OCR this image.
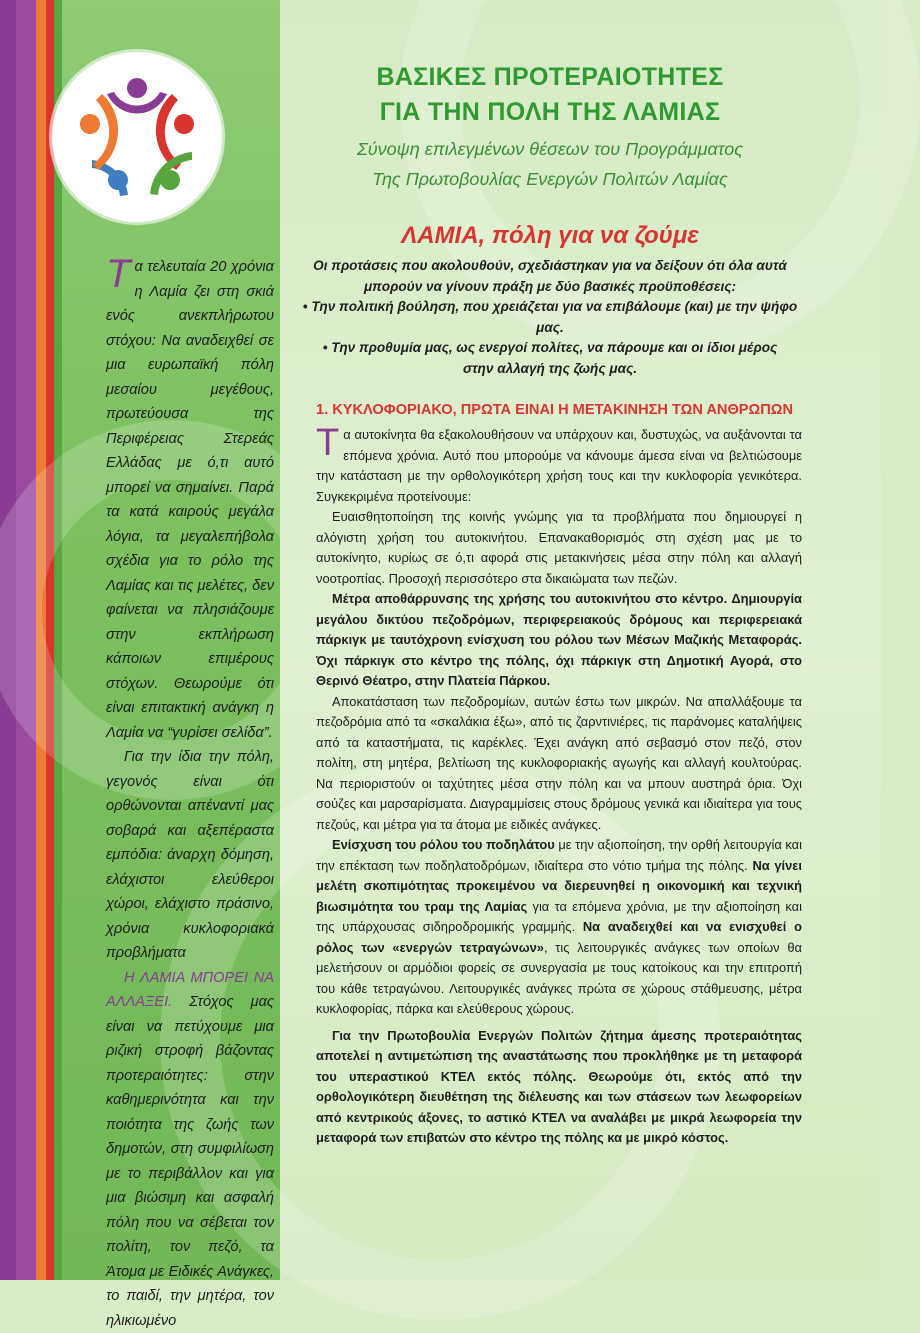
Τα τελευταία 20 χρόνια η Λαμία ζει στη σκιά ενός ανεκπλήρωτου στόχου: Να αναδειχθεί σε μια ευρωπαϊκή πόλη μεσαίου μεγέθους, πρωτεύουσα της Περιφέρειας Στερεάς Ελλάδας με ό,τι αυτό μπορεί να σημαίνει. Παρά τα κατά καιρούς μεγάλα λόγια, τα μεγαλεπήβολα σχέδια για το ρόλο της Λαμίας και τις μελέτες, δεν φαίνεται να πλησιάζουμε στην εκπλήρωση κάποιων επιμέρους στόχων. Θεωρούμε ότι είναι επιτακτική ανάγκη η Λαμία να “γυρίσει σελίδα”.

Για την ίδια την πόλη, γεγονός είναι ότι ορθώνονται απέναντί μας σοβαρά και αξεπέραστα εμπόδια: άναρχη δόμηση, ελάχιστοι ελεύθεροι χώροι, ελάχιστο πράσινο, χρόνια κυκλοφοριακά προβλήματα

Η ΛΑΜΙΑ ΜΠΟΡΕΙ ΝΑ ΑΛΛΑΞΕΙ. Στόχος μας είναι να πετύχουμε μια ριζική στροφή βάζοντας προτεραιότητες: στην καθημερινότητα και την ποιότητα της ζωής των δημοτών, στη συμφιλίωση με το περιβάλλον και για μια βιώσιμη και ασφαλή πόλη που να σέβεται τον πολίτη, τον πεζό, τα Άτομα με Ειδικές Ανάγκες, το παιδί, την μητέρα, τον ηλικιωμένο

ΒΑΣΙΚΕΣ ΠΡΟΤΕΡΑΙΟΤΗΤΕΣ
ΓΙΑ ΤΗΝ ΠΟΛΗ ΤΗΣ ΛΑΜΙΑΣ
Σύνοψη επιλεγμένων θέσεων του Προγράμματος
Της Πρωτοβουλίας Ενεργών Πολιτών Λαμίας
ΛΑΜΙΑ, πόλη για να ζούμε
Οι προτάσεις που ακολουθούν, σχεδιάστηκαν για να δείξουν ότι όλα αυτά
μπορούν να γίνουν πράξη με δύο βασικές προϋποθέσεις:
• Την πολιτική βούληση, που χρειάζεται για να επιβάλουμε (και) με την ψήφο μας.
• Την προθυμία μας, ως ενεργοί πολίτες, να πάρουμε και οι ίδιοι μέρος
στην αλλαγή της ζωής μας.
1. ΚΥΚΛΟΦΟΡΙΑΚΟ, ΠΡΩΤΑ ΕΙΝΑΙ Η ΜΕΤΑΚΙΝΗΣΗ ΤΩΝ ΑΝΘΡΩΠΩΝ

Τα αυτοκίνητα θα εξακολουθήσουν να υπάρχουν και, δυστυχώς, να αυξάνονται τα επόμενα χρόνια. Αυτό που μπορούμε να κάνουμε άμεσα είναι να βελτιώσουμε την κατάσταση με την ορθολογικότερη χρήση τους και την κυκλοφορία γενικότερα. Συγκεκριμένα προτείνουμε:

Ευαισθητοποίηση της κοινής γνώμης για τα προβλήματα που δημιουργεί η αλόγιστη χρήση του αυτοκινήτου. Επανακαθορισμός στη σχέση μας με το αυτοκίνητο, κυρίως σε ό,τι αφορά στις μετακινήσεις μέσα στην πόλη και αλλαγή νοοτροπίας. Προσοχή περισσότερο στα δικαιώματα των πεζών.

Μέτρα αποθάρρυνσης της χρήσης του αυτοκινήτου στο κέντρο. Δημιουργία μεγάλου δικτύου πεζοδρόμων, περιφερειακούς δρόμους και περιφερειακά πάρκιγκ με ταυτόχρονη ενίσχυση του ρόλου των Μέσων Μαζικής Μεταφοράς. Όχι πάρκιγκ στο κέντρο της πόλης, όχι πάρκιγκ στη Δημοτική Αγορά, στο Θερινό Θέατρο, στην Πλατεία Πάρκου.

Αποκατάσταση των πεζοδρομίων, αυτών έστω των μικρών. Να απαλλάξουμε τα πεζοδρόμια από τα «σκαλάκια έξω», από τις ζαρντινιέρες, τις παράνομες καταλήψεις από τα καταστήματα, τις καρέκλες. Έχει ανάγκη από σεβασμό στον πεζό, στον πολίτη, στη μητέρα, βελτίωση της κυκλοφοριακής αγωγής και αλλαγή κουλτούρας. Να περιοριστούν οι ταχύτητες μέσα στην πόλη και να μπουν αυστηρά όρια. Όχι σούζες και μαρσαρίσματα. Διαγραμμίσεις στους δρόμους γενικά και ιδιαίτερα για τους πεζούς, και μέτρα για τα άτομα με ειδικές ανάγκες.

Ενίσχυση του ρόλου του ποδηλάτου με την αξιοποίηση, την ορθή λειτουργία και την επέκταση των ποδηλατοδρόμων, ιδιαίτερα στο νότιο τμήμα της πόλης. Να γίνει μελέτη σκοπιμότητας προκειμένου να διερευνηθεί η οικονομική και τεχνική βιωσιμότητα του τραμ της Λαμίας για τα επόμενα χρόνια, με την αξιοποίηση και της υπάρχουσας σιδηροδρομικής γραμμής. Να αναδειχθεί και να ενισχυθεί ο ρόλος των «ενεργών τετραγώνων», τις λειτουργικές ανάγκες των οποίων θα μελετήσουν οι αρμόδιοι φορείς σε συνεργασία με τους κατοίκους και την επιτροπή του κάθε τετραγώνου. Λειτουργικές ανάγκες πρώτα σε χώρους στάθμευσης, μέτρα κυκλοφορίας, πάρκα και ελεύθερους χώρους.

Για την Πρωτοβουλία Ενεργών Πολιτών ζήτημα άμεσης προτεραιότητας αποτελεί η αντιμετώπιση της αναστάτωσης που προκλήθηκε με τη μεταφορά του υπεραστικού ΚΤΕΛ εκτός πόλης. Θεωρούμε ότι, εκτός από την ορθολογικότερη διευθέτηση της διέλευσης και των στάσεων των λεωφορείων από κεντρικούς άξονες, το αστικό ΚΤΕΛ να αναλάβει με μικρά λεωφορεία την μεταφορά των επιβατών στο κέντρο της πόλης κα με μικρό κόστος.
